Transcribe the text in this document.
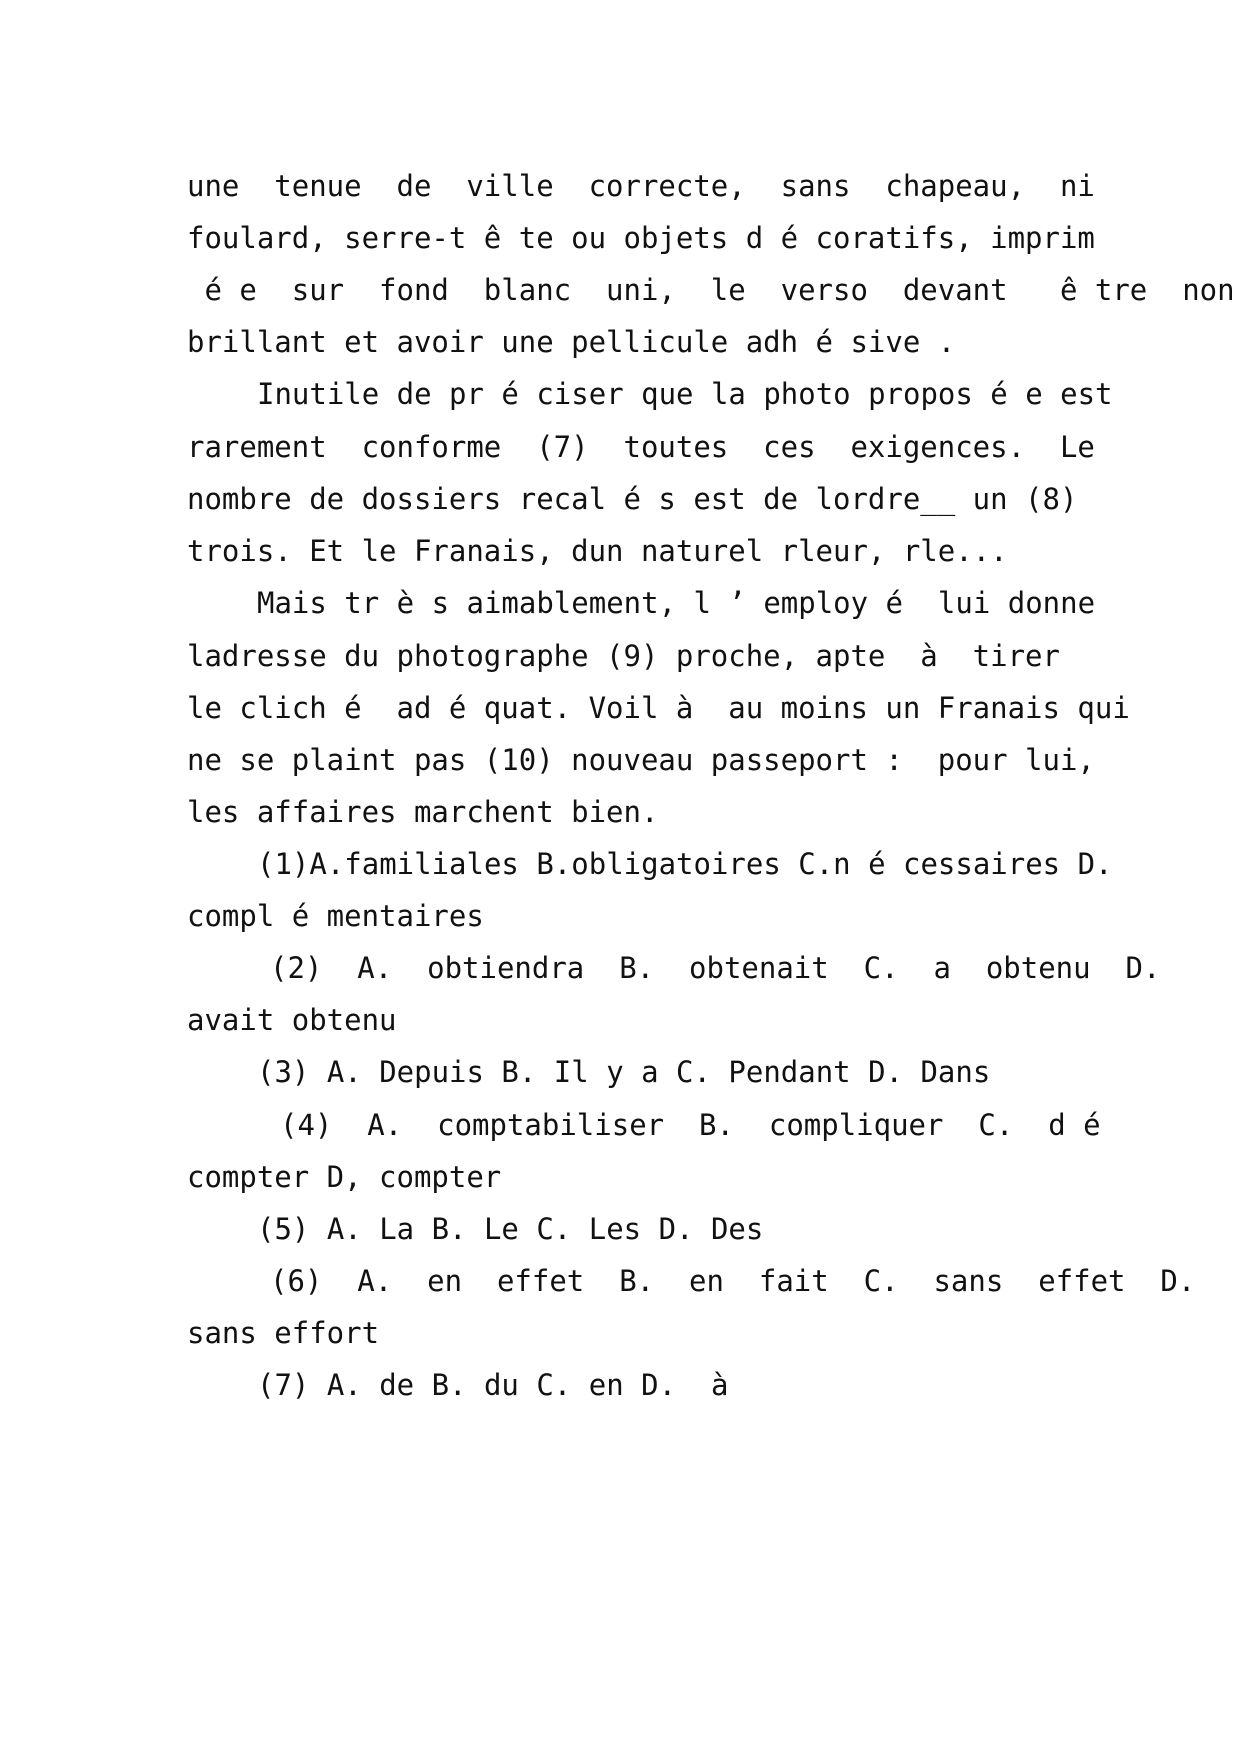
une  tenue  de  ville  correcte,  sans  chapeau,  ni
foulard, serre-t ê te ou objets d é coratifs, imprim
é e  sur  fond  blanc  uni,  le  verso  devant   ê tre  non
brillant et avoir une pellicule adh é sive .
Inutile de pr é ciser que la photo propos é e est
rarement  conforme  (7)  toutes  ces  exigences.  Le
nombre de dossiers recal é s est de lordre__ un (8)
trois. Et le Franais, dun naturel rleur, rle...
Mais tr è s aimablement, l ’ employ é  lui donne
ladresse du photographe (9) proche, apte  à  tirer
le clich é  ad é quat. Voil à  au moins un Franais qui
ne se plaint pas (10) nouveau passeport :  pour lui,
les affaires marchent bien.
(1)A.familiales B.obligatoires C.n é cessaires D.
compl é mentaires
(2)  A.  obtiendra  B.  obtenait  C.  a  obtenu  D.
avait obtenu
(3) A. Depuis B. Il y a C. Pendant D. Dans
(4)  A.  comptabiliser  B.  compliquer  C.  d é
compter D, compter
(5) A. La B. Le C. Les D. Des
(6)  A.  en  effet  B.  en  fait  C.  sans  effet  D.
sans effort
(7) A. de B. du C. en D.  à
